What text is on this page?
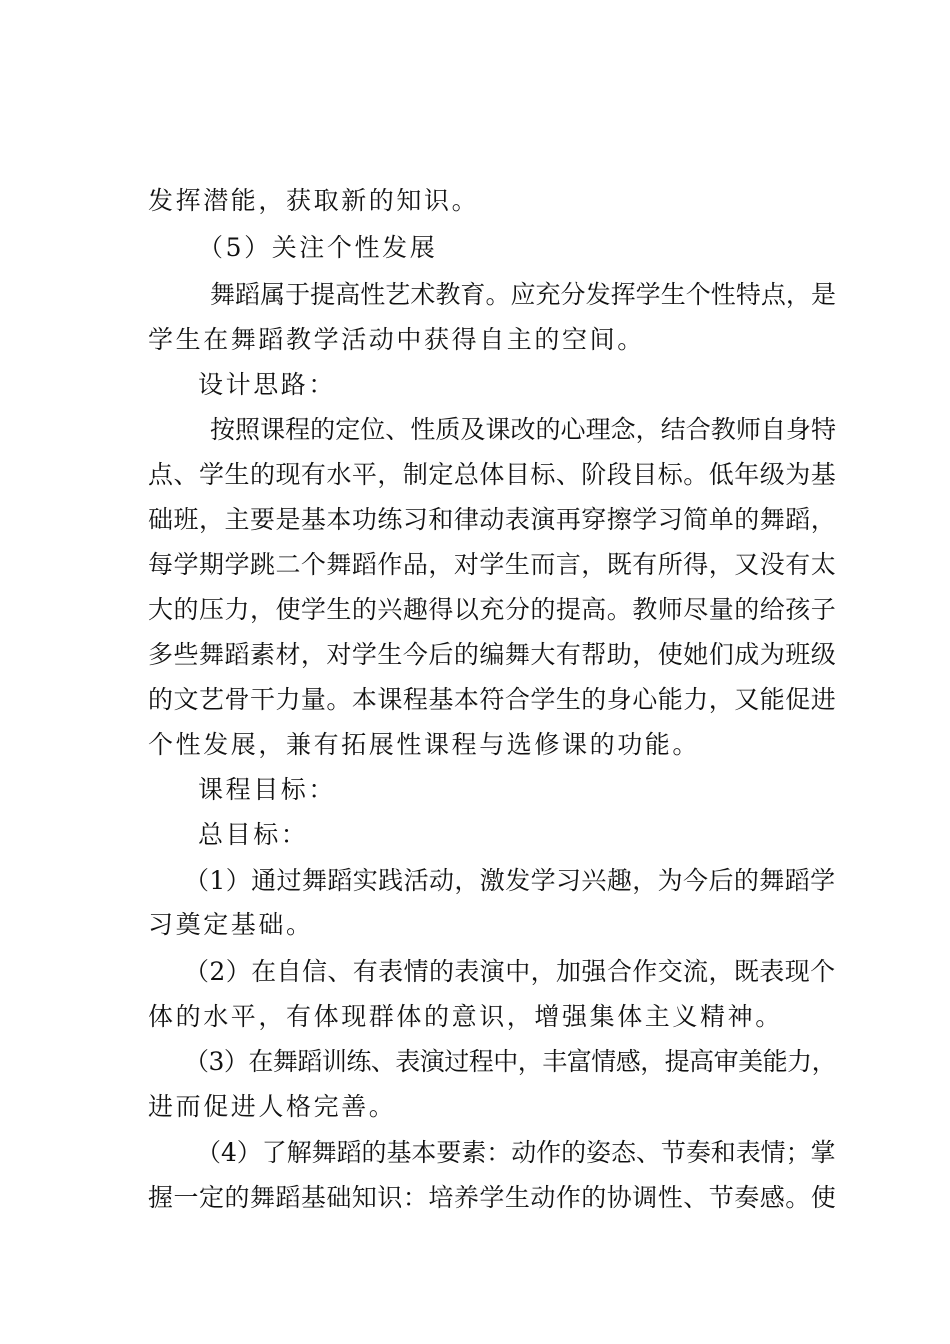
发挥潜能，获取新的知识。
（5）关注个性发展
舞蹈属于提高性艺术教育。应充分发挥学生个性特点，是
学生在舞蹈教学活动中获得自主的空间。
设计思路：
按照课程的定位、性质及课改的心理念，结合教师自身特
点、学生的现有水平，制定总体目标、阶段目标。低年级为基
础班，主要是基本功练习和律动表演再穿擦学习简单的舞蹈，
每学期学跳二个舞蹈作品，对学生而言，既有所得，又没有太
大的压力，使学生的兴趣得以充分的提高。教师尽量的给孩子
多些舞蹈素材，对学生今后的编舞大有帮助，使她们成为班级
的文艺骨干力量。本课程基本符合学生的身心能力，又能促进
个性发展，兼有拓展性课程与选修课的功能。
课程目标：
总目标：
（1）通过舞蹈实践活动，激发学习兴趣，为今后的舞蹈学
习奠定基础。
（2）在自信、有表情的表演中，加强合作交流，既表现个
体的水平，有体现群体的意识，增强集体主义精神。
（3）在舞蹈训练、表演过程中，丰富情感，提高审美能力，
进而促进人格完善。
（4）了解舞蹈的基本要素：动作的姿态、节奏和表情；掌
握一定的舞蹈基础知识：培养学生动作的协调性、节奏感。使
